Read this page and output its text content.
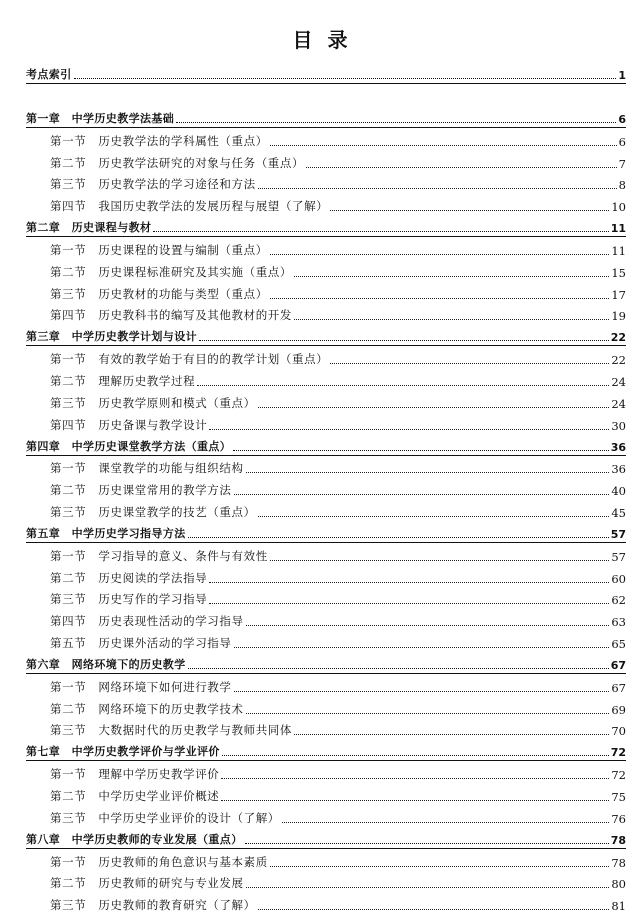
目 录
考点索引	1
第一章　中学历史教学法基础	6
第一节　历史教学法的学科属性（重点）	6
第二节　历史教学法研究的对象与任务（重点）	7
第三节　历史教学法的学习途径和方法	8
第四节　我国历史教学法的发展历程与展望（了解）	10
第二章　历史课程与教材	11
第一节　历史课程的设置与编制（重点）	11
第二节　历史课程标准研究及其实施（重点）	15
第三节　历史教材的功能与类型（重点）	17
第四节　历史教科书的编写及其他教材的开发	19
第三章　中学历史教学计划与设计	22
第一节　有效的教学始于有目的的教学计划（重点）	22
第二节　理解历史教学过程	24
第三节　历史教学原则和模式（重点）	24
第四节　历史备课与教学设计	30
第四章　中学历史课堂教学方法（重点）	36
第一节　课堂教学的功能与组织结构	36
第二节　历史课堂常用的教学方法	40
第三节　历史课堂教学的技艺（重点）	45
第五章　中学历史学习指导方法	57
第一节　学习指导的意义、条件与有效性	57
第二节　历史阅读的学法指导	60
第三节　历史写作的学习指导	62
第四节　历史表现性活动的学习指导	63
第五节　历史课外活动的学习指导	65
第六章　网络环境下的历史教学	67
第一节　网络环境下如何进行教学	67
第二节　网络环境下的历史教学技术	69
第三节　大数据时代的历史教学与教师共同体	70
第七章　中学历史教学评价与学业评价	72
第一节　理解中学历史教学评价	72
第二节　中学历史学业评价概述	75
第三节　中学历史学业评价的设计（了解）	76
第八章　中学历史教师的专业发展（重点）	78
第一节　历史教师的角色意识与基本素质	78
第二节　历史教师的研究与专业发展	80
第三节　历史教师的教育研究（了解）	81
